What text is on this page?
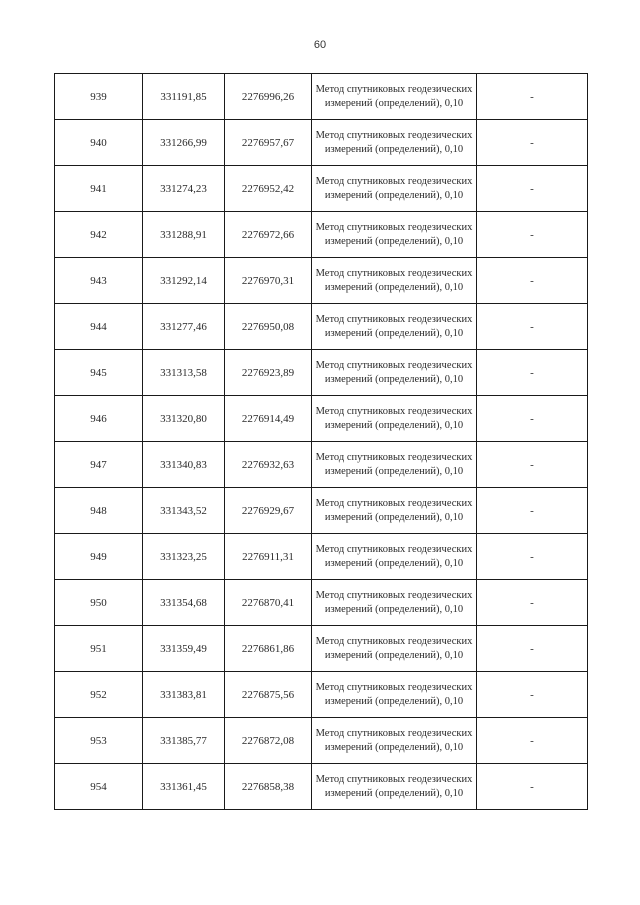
60
939	331191,85	2276996,26	Метод спутниковых геодезических измерений (определений), 0,10	-
940	331266,99	2276957,67	Метод спутниковых геодезических измерений (определений), 0,10	-
941	331274,23	2276952,42	Метод спутниковых геодезических измерений (определений), 0,10	-
942	331288,91	2276972,66	Метод спутниковых геодезических измерений (определений), 0,10	-
943	331292,14	2276970,31	Метод спутниковых геодезических измерений (определений), 0,10	-
944	331277,46	2276950,08	Метод спутниковых геодезических измерений (определений), 0,10	-
945	331313,58	2276923,89	Метод спутниковых геодезических измерений (определений), 0,10	-
946	331320,80	2276914,49	Метод спутниковых геодезических измерений (определений), 0,10	-
947	331340,83	2276932,63	Метод спутниковых геодезических измерений (определений), 0,10	-
948	331343,52	2276929,67	Метод спутниковых геодезических измерений (определений), 0,10	-
949	331323,25	2276911,31	Метод спутниковых геодезических измерений (определений), 0,10	-
950	331354,68	2276870,41	Метод спутниковых геодезических измерений (определений), 0,10	-
951	331359,49	2276861,86	Метод спутниковых геодезических измерений (определений), 0,10	-
952	331383,81	2276875,56	Метод спутниковых геодезических измерений (определений), 0,10	-
953	331385,77	2276872,08	Метод спутниковых геодезических измерений (определений), 0,10	-
954	331361,45	2276858,38	Метод спутниковых геодезических измерений (определений), 0,10	-
